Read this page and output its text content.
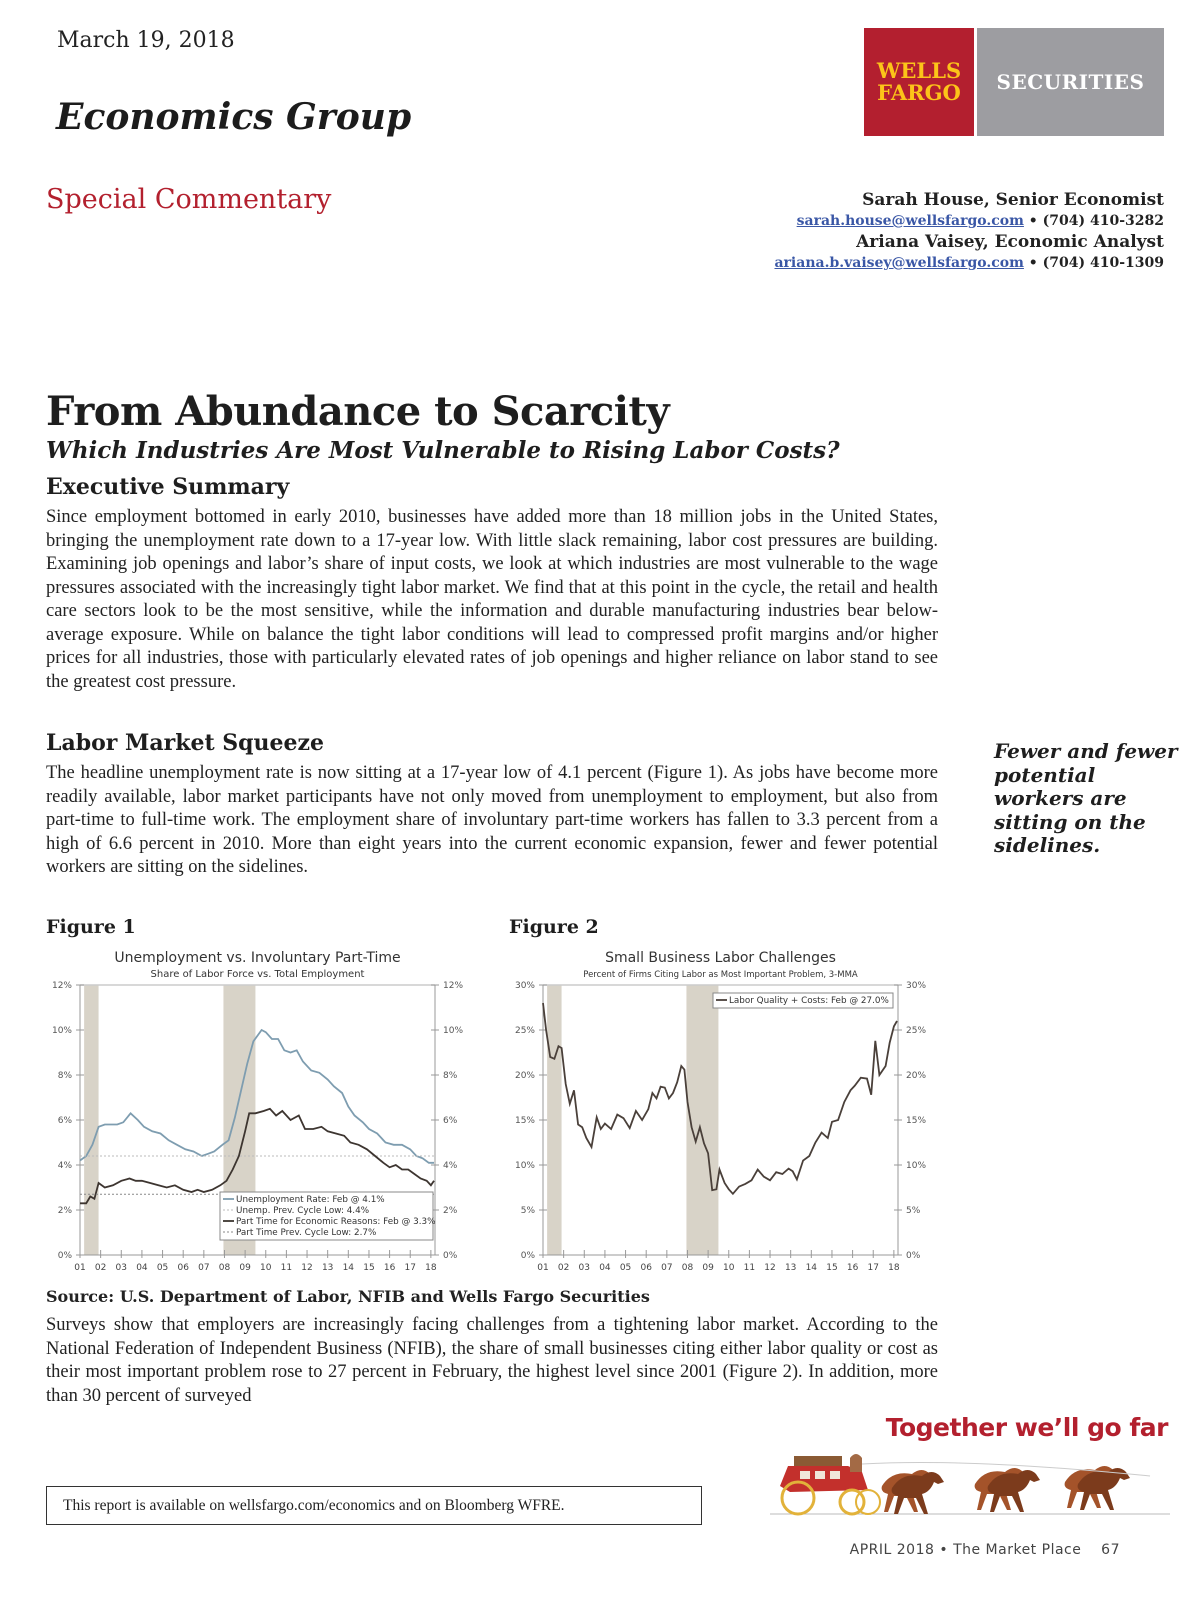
March 19, 2018
Economics Group
Special Commentary
WELLS
FARGO SECURITIES
Sarah House, Senior Economist
sarah.house@wellsfargo.com • (704) 410-3282
Ariana Vaisey, Economic Analyst
ariana.b.vaisey@wellsfargo.com • (704) 410-1309
From Abundance to Scarcity
Which Industries Are Most Vulnerable to Rising Labor Costs?
Executive Summary
Since employment bottomed in early 2010, businesses have added more than 18 million jobs in the United States, bringing the unemployment rate down to a 17-year low. With little slack remaining, labor cost pressures are building. Examining job openings and labor’s share of input costs, we look at which industries are most vulnerable to the wage pressures associated with the increasingly tight labor market. We find that at this point in the cycle, the retail and health care sectors look to be the most sensitive, while the information and durable manufacturing industries bear below-average exposure. While on balance the tight labor conditions will lead to compressed profit margins and/or higher prices for all industries, those with particularly elevated rates of job openings and higher reliance on labor stand to see the greatest cost pressure.
Labor Market Squeeze
The headline unemployment rate is now sitting at a 17-year low of 4.1 percent (Figure 1). As jobs have become more readily available, labor market participants have not only moved from unemployment to employment, but also from part-time to full-time work. The employment share of involuntary part-time workers has fallen to 3.3 percent from a high of 6.6 percent in 2010. More than eight years into the current economic expansion, fewer and fewer potential workers are sitting on the sidelines.
Fewer and fewer potential workers are sitting on the sidelines.
Figure 1	Figure 2
Unemployment vs. Involuntary Part-Time
Share of Labor Force vs. Total Employment
0%	0%
2%	2%
4%	4%
6%	6%
8%	8%
10%	10%
12%	12%
01 02 03 04 05 06 07 08 09 10 11 12 13 14 15 16 17 18
Unemployment Rate: Feb @ 4.1%
Unemp. Prev. Cycle Low: 4.4%
Part Time for Economic Reasons: Feb @ 3.3%
Part Time Prev. Cycle Low: 2.7%
Small Business Labor Challenges
Percent of Firms Citing Labor as Most Important Problem, 3-MMA
0%	0%
5%	5%
10%	10%
15%	15%
20%	20%
25%	25%
30%	30%
01 02 03 04 05 06 07 08 09 10 11 12 13 14 15 16 17 18
Labor Quality + Costs: Feb @ 27.0%
Source: U.S. Department of Labor, NFIB and Wells Fargo Securities
Surveys show that employers are increasingly facing challenges from a tightening labor market. According to the National Federation of Independent Business (NFIB), the share of small businesses citing either labor quality or cost as their most important problem rose to 27 percent in February, the highest level since 2001 (Figure 2). In addition, more than 30 percent of surveyed
This report is available on wellsfargo.com/economics and on Bloomberg WFRE.
Together we’ll go far
APRIL 2018 • The Market Place 67
